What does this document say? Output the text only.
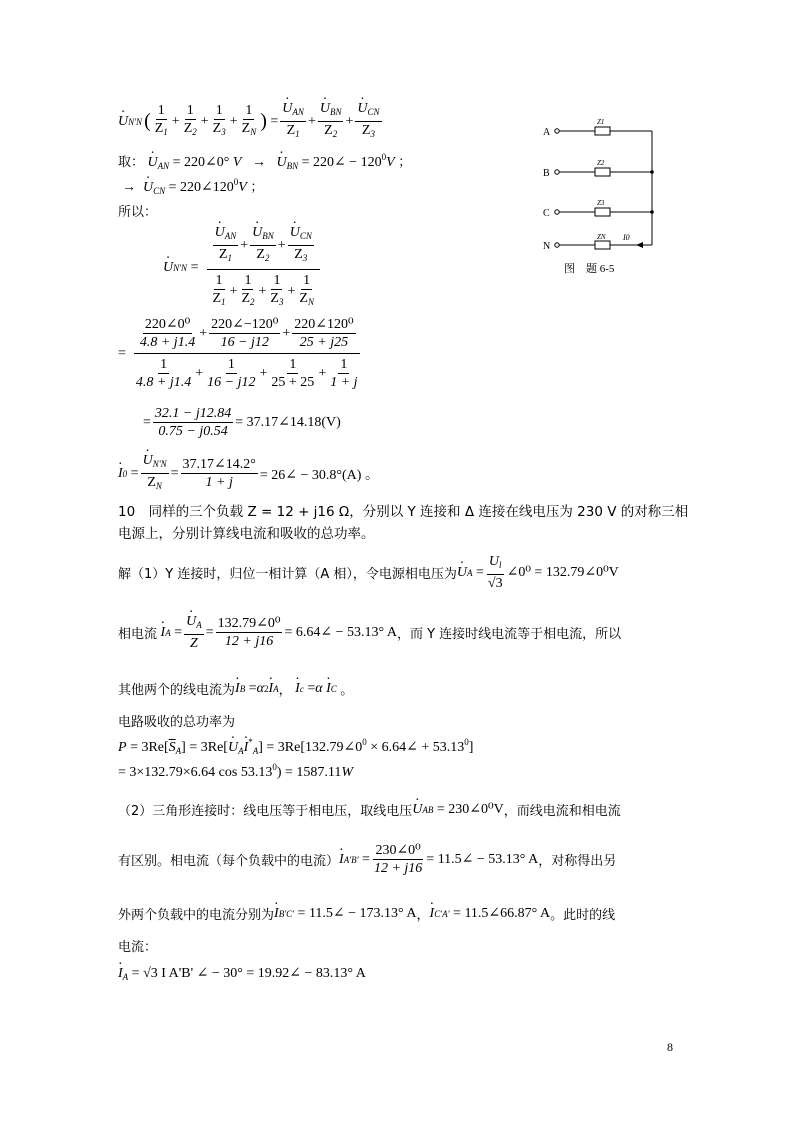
U · N'N ( $\frac{1}{Z_1} + \frac{1}{Z_2} + \frac{1}{Z_3} + \frac{1}{Z_N}$ ) = $\frac{U \cdot_{AN}}{Z_1} + \frac{U \cdot_{BN}}{Z_2} + \frac{U \cdot_{CN}}{Z_3}$
取： $U \cdot_{AN}$ = 220∠0° $V \to U \cdot_{BN}$ = 220∠ − $120^0V$ ；
→  $U \cdot_{CN}$ = $220\angle 120^0V$ ；
所以：
$U \cdot N'N = \frac{\frac{U \cdot_{AN}}{Z_1} + \frac{U \cdot_{BN}}{Z_2} + \frac{U \cdot_{CN}}{Z_3}}{\frac{1}{Z_1} + \frac{1}{Z_2} + \frac{1}{Z_3} + \frac{1}{Z_N}}$
=
$\frac{\text{220∠0⁰}}{4.8 + j1.4} + \frac{\text{220∠−120⁰}}{16 - j12} + \frac{\text{220∠120⁰}}{25 + j25}$
$\frac{1}{4.8 + j1.4} + \frac{1}{16 - j12} + \frac{1}{25 + 25} + \frac{1}{1 + j}$
= $\frac{32.1 - j12.84}{0.75 - j0.54}$ = 37.17∠14.18(V)
$I \cdot 0 = \frac{U \cdot_{N'N}}{Z_N} = \frac{37.17\angle 14.2^\circ}{1 + j}$ = 26∠ − 30.8°(A) 。
10　同样的三个负载 Z = 12 + j16 Ω，分别以 Y 连接和 Δ 连接在线电压为 230 V 的对称三相
电源上，分别计算线电流和吸收的总功率。
解（1）Y 连接时，归位一相计算（A 相），令电源相电压为 $U \cdot A = \frac{U_l}{√3}$ ∠0⁰ = 132.79∠0⁰V
相电流
$I \cdot A = \frac{U \cdot_A}{Z} = \frac{\text{132.79∠0⁰}}{12 + j16}$ = 6.64∠ − 53.13° A ，而 Y 连接时线电流等于相电流，所以
其他两个的线电流为 I · B = α 2 I · A ，
I · c = α
I · C
。
电路吸收的总功率为
$P = 3Re[\overline{S}_A] = 3Re[U \cdot_AI \cdot^*_A]$ = $3Re[132.79\angle 0^0$ × 6.64∠ + $53.13^0$]
= 3×132.79×6.64 $\cos 53.13^0) = 1587.11W$
（2）三角形连接时：线电压等于相电压，取线电压 U · AB
= 230∠0⁰V ，而线电流和相电流
有区别。相电流（每个负载中的电流） $I \cdot A'B' = \frac{\text{230∠0⁰}}{12 + j16}$ = 11.5∠ − 53.13° A ，对称得出另
外两个负载中的电流分别为 I · B'C'
= 11.5∠ − 173.13° A ， I · C'A'
= 11.5∠66.87° A 。此时的线
电流：
$I \cdot_A = √3$ I A'B' ∠ − 30° = 19.92∠ − 83.13° A
8
A
B
C
N
Z1
Z2
Z3
ZN I0
图　题 6-5
